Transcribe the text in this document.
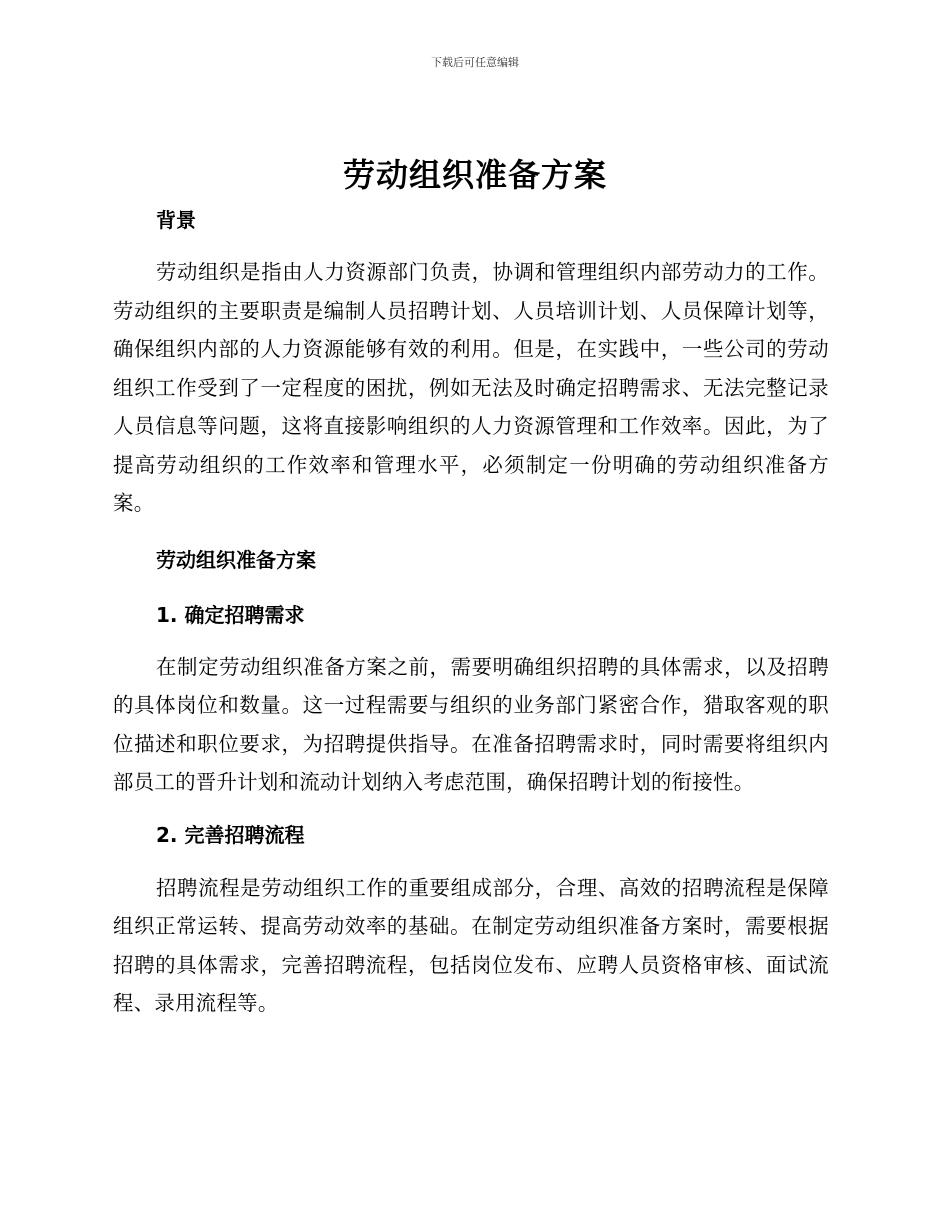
下载后可任意编辑
劳动组织准备方案

背景

劳动组织是指由人力资源部门负责，协调和管理组织内部劳动力的工作。劳动组织的主要职责是编制人员招聘计划、人员培训计划、人员保障计划等，确保组织内部的人力资源能够有效的利用。但是，在实践中，一些公司的劳动组织工作受到了一定程度的困扰，例如无法及时确定招聘需求、无法完整记录人员信息等问题，这将直接影响组织的人力资源管理和工作效率。因此，为了提高劳动组织的工作效率和管理水平，必须制定一份明确的劳动组织准备方案。

劳动组织准备方案

1. 确定招聘需求

在制定劳动组织准备方案之前，需要明确组织招聘的具体需求，以及招聘的具体岗位和数量。这一过程需要与组织的业务部门紧密合作，猎取客观的职位描述和职位要求，为招聘提供指导。在准备招聘需求时，同时需要将组织内部员工的晋升计划和流动计划纳入考虑范围，确保招聘计划的衔接性。

2. 完善招聘流程

招聘流程是劳动组织工作的重要组成部分，合理、高效的招聘流程是保障组织正常运转、提高劳动效率的基础。在制定劳动组织准备方案时，需要根据招聘的具体需求，完善招聘流程，包括岗位发布、应聘人员资格审核、面试流程、录用流程等。
